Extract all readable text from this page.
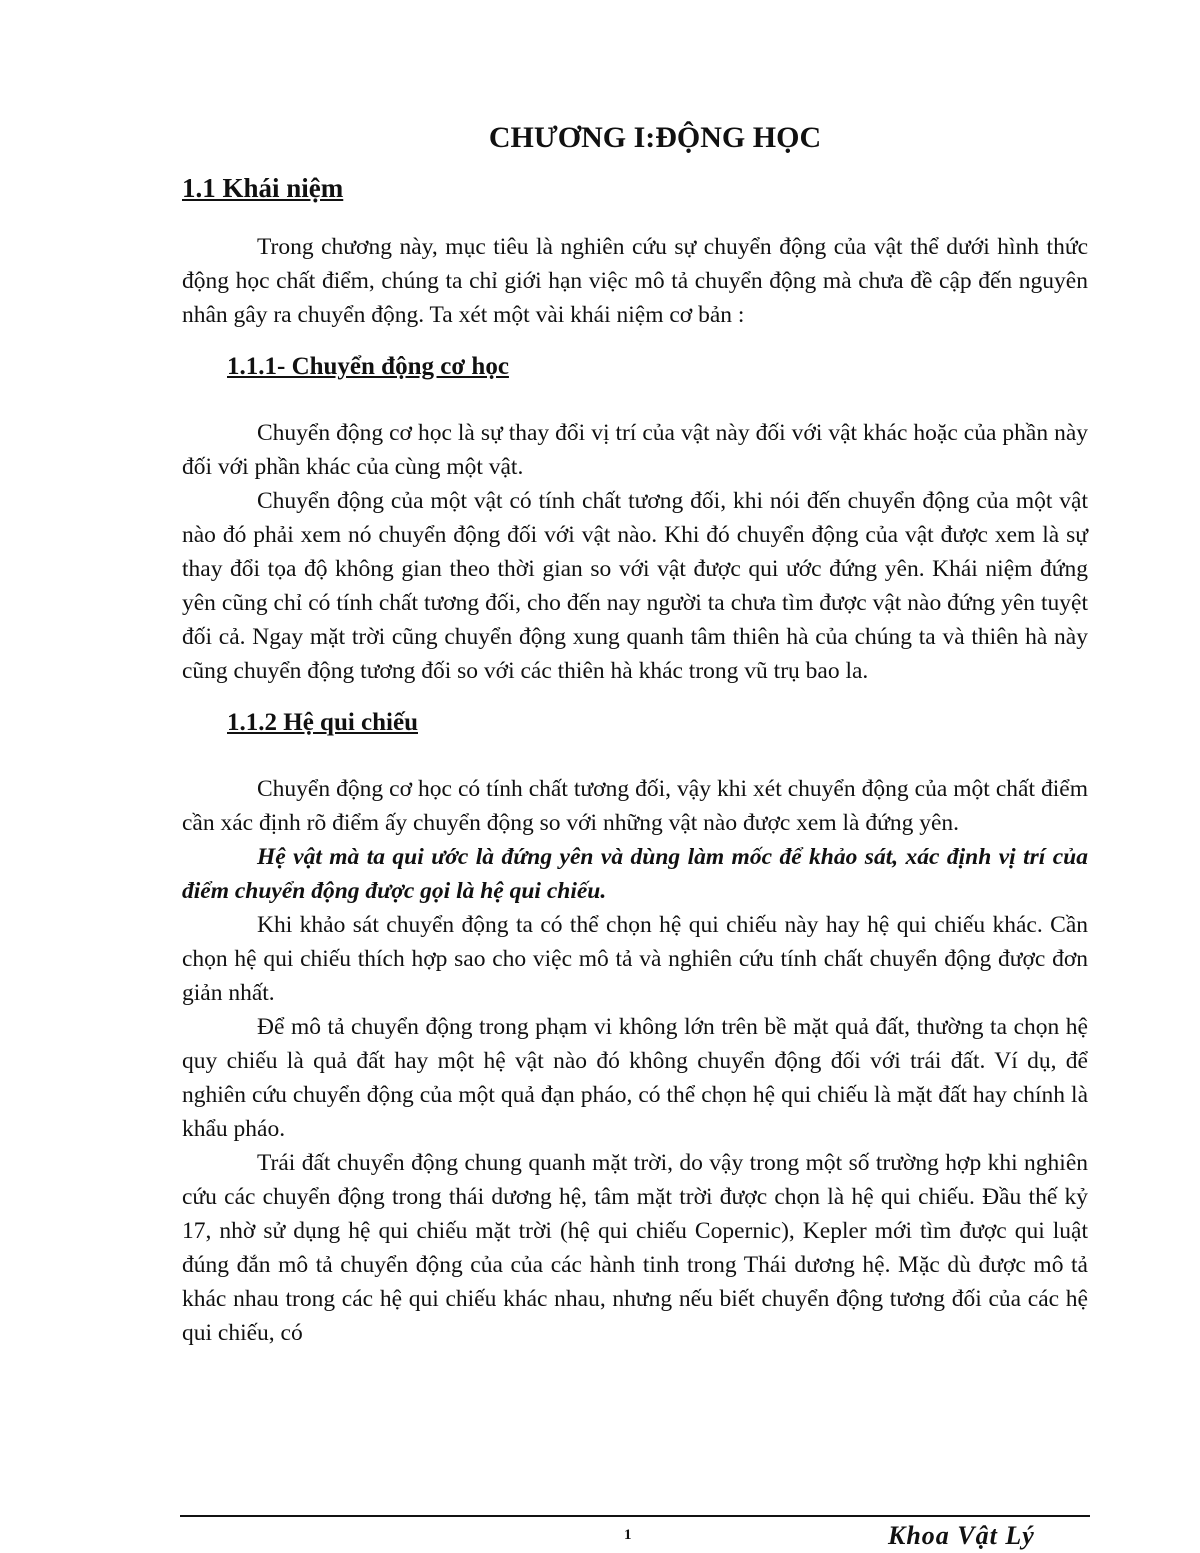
CHƯƠNG I:ĐỘNG HỌC
1.1 Khái niệm

Trong chương này, mục tiêu là nghiên cứu sự chuyển động của vật thể dưới hình thức động học chất điểm, chúng ta chỉ giới hạn việc mô tả chuyển động mà chưa đề cập đến nguyên nhân gây ra chuyển động. Ta xét một vài khái niệm cơ bản :

1.1.1- Chuyển động cơ học

Chuyển động cơ học là sự thay đổi vị trí của vật này đối với vật khác hoặc của phần này đối với phần khác của cùng một vật.

Chuyển động của một vật có tính chất tương đối, khi nói đến chuyển động của một vật nào đó phải xem nó chuyển động đối với vật nào. Khi đó chuyển động của vật được xem là sự thay đổi tọa độ không gian theo thời gian so với vật được qui ước đứng yên. Khái niệm đứng yên cũng chỉ có tính chất tương đối, cho đến nay người ta chưa tìm được vật nào đứng yên tuyệt đối cả. Ngay mặt trời cũng chuyển động xung quanh tâm thiên hà của chúng ta và thiên hà này cũng chuyển động tương đối so với các thiên hà khác trong vũ trụ bao la.

1.1.2 Hệ qui chiếu

Chuyển động cơ học có tính chất tương đối, vậy khi xét chuyển động của một chất điểm cần xác định rõ điểm ấy chuyển động so với những vật nào được xem là đứng yên.

Hệ vật mà ta qui ước là đứng yên và dùng làm mốc để khảo sát, xác định vị trí của điểm chuyển động được gọi là hệ qui chiếu.

Khi khảo sát chuyển động ta có thể chọn hệ qui chiếu này hay hệ qui chiếu khác. Cần chọn hệ qui chiếu thích hợp sao cho việc mô tả và nghiên cứu tính chất chuyển động được đơn giản nhất.

Để mô tả chuyển động trong phạm vi không lớn trên bề mặt quả đất, thường ta chọn hệ quy chiếu là quả đất hay một hệ vật nào đó không chuyển động đối với trái đất. Ví dụ, để nghiên cứu chuyển động của một quả đạn pháo, có thể chọn hệ qui chiếu là mặt đất hay chính là khẩu pháo.

Trái đất chuyển động chung quanh mặt trời, do vậy trong một số trường hợp khi nghiên cứu các chuyển động trong thái dương hệ, tâm mặt trời được chọn là hệ qui chiếu. Đầu thế kỷ 17, nhờ sử dụng hệ qui chiếu mặt trời (hệ qui chiếu Copernic), Kepler mới tìm được qui luật đúng đắn mô tả chuyển động của của các hành tinh trong Thái dương hệ. Mặc dù được mô tả khác nhau trong các hệ qui chiếu khác nhau, nhưng nếu biết chuyển động tương đối của các hệ qui chiếu, có

1	Khoa Vật Lý
